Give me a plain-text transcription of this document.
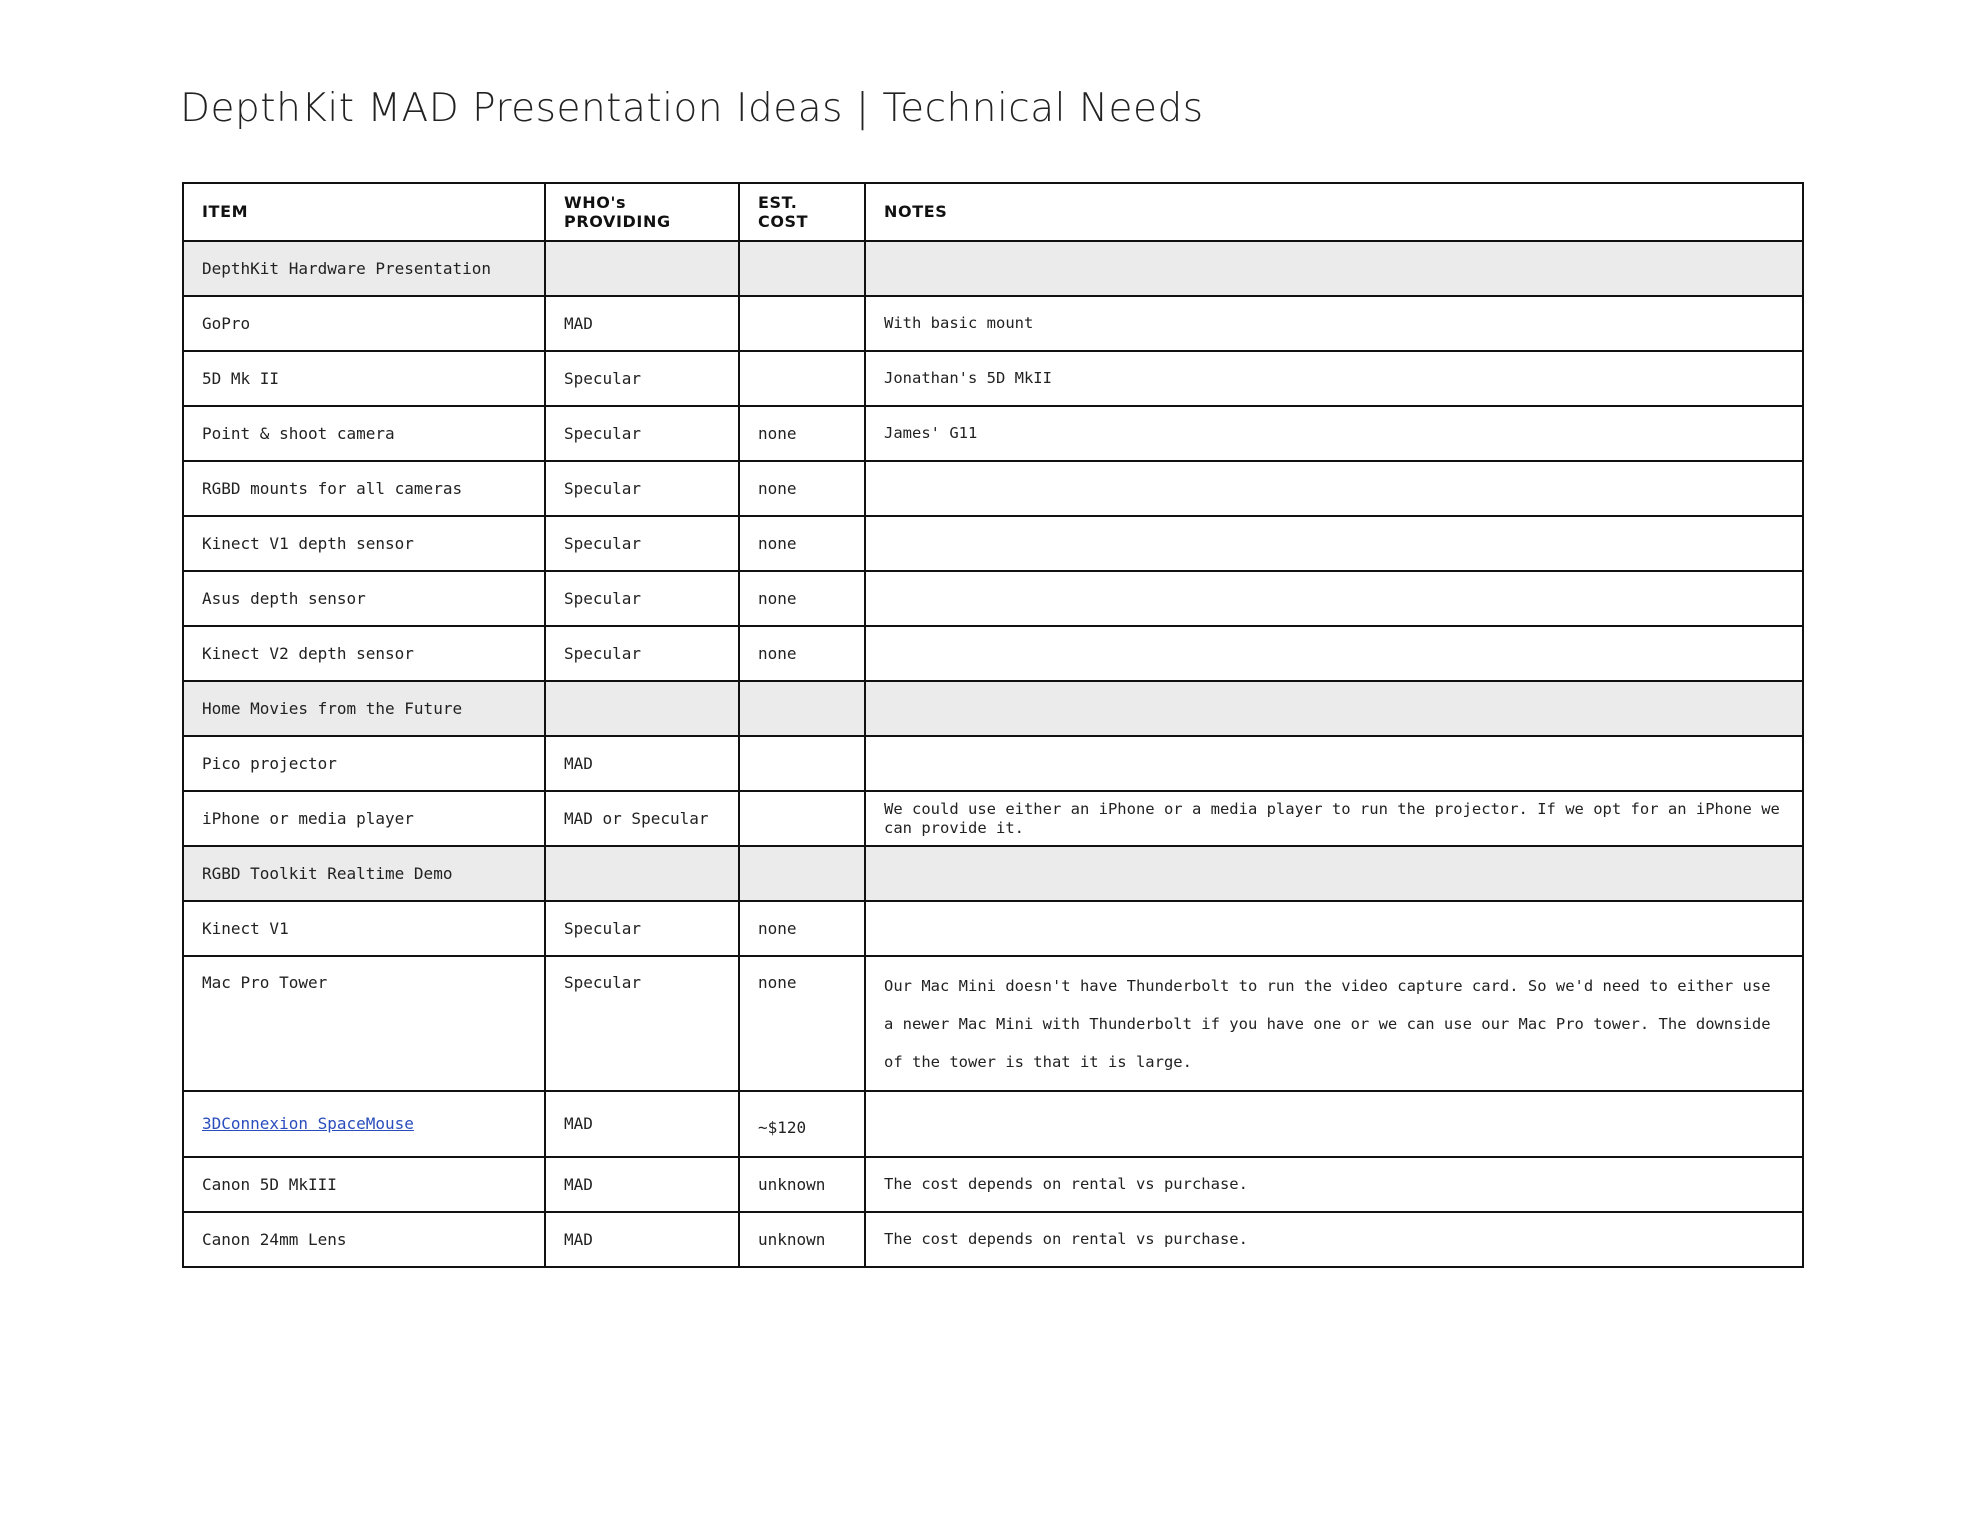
DepthKit MAD Presentation Ideas | Technical Needs
ITEM	WHO's PROVIDING	EST. COST	NOTES
DepthKit Hardware Presentation			
GoPro	MAD		With basic mount
5D Mk II	Specular		Jonathan's 5D MkII
Point & shoot camera	Specular	none	James' G11
RGBD mounts for all cameras	Specular	none	
Kinect V1 depth sensor	Specular	none	
Asus depth sensor	Specular	none	
Kinect V2 depth sensor	Specular	none	
Home Movies from the Future			
Pico projector	MAD		
iPhone or media player	MAD or Specular		We could use either an iPhone or a media player to run the projector. If we opt for an iPhone we can provide it.
RGBD Toolkit Realtime Demo			
Kinect V1	Specular	none	
Mac Pro Tower	Specular	none	Our Mac Mini doesn't have Thunderbolt to run the video capture card. So we'd need to either use a newer Mac Mini with Thunderbolt if you have one or we can use our Mac Pro tower. The downside of the tower is that it is large.
3DConnexion SpaceMouse	MAD	~$120	
Canon 5D MkIII	MAD	unknown	The cost depends on rental vs purchase.
Canon 24mm Lens	MAD	unknown	The cost depends on rental vs purchase.
